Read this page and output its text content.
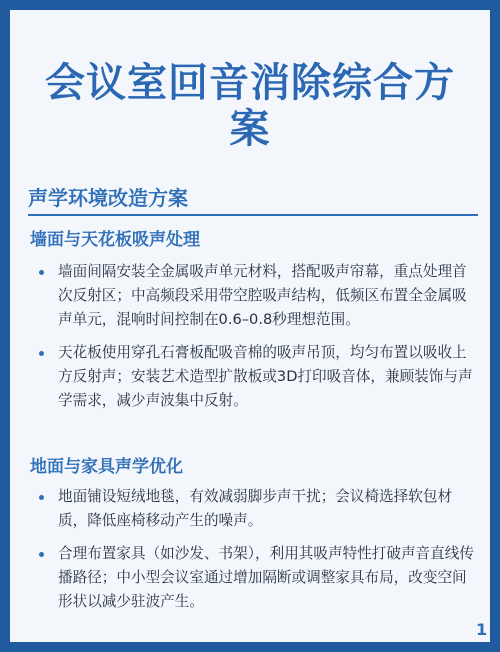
会议室回音消除综合方
案
声学环境改造方案
墙面与天花板吸声处理
墙面间隔安装全金属吸声单元材料，搭配吸声帘幕，重点处理首次反射区；中高频段采用带空腔吸声结构，低频区布置全金属吸声单元，混响时间控制在0.6–0.8秒理想范围。
天花板使用穿孔石膏板配吸音棉的吸声吊顶，均匀布置以吸收上方反射声；安装艺术造型扩散板或3D打印吸音体，兼顾装饰与声学需求，减少声波集中反射。
地面与家具声学优化
地面铺设短绒地毯，有效减弱脚步声干扰；会议椅选择软包材质，降低座椅移动产生的噪声。
合理布置家具（如沙发、书架），利用其吸声特性打破声音直线传播路径；中小型会议室通过增加隔断或调整家具布局，改变空间形状以减少驻波产生。
1
